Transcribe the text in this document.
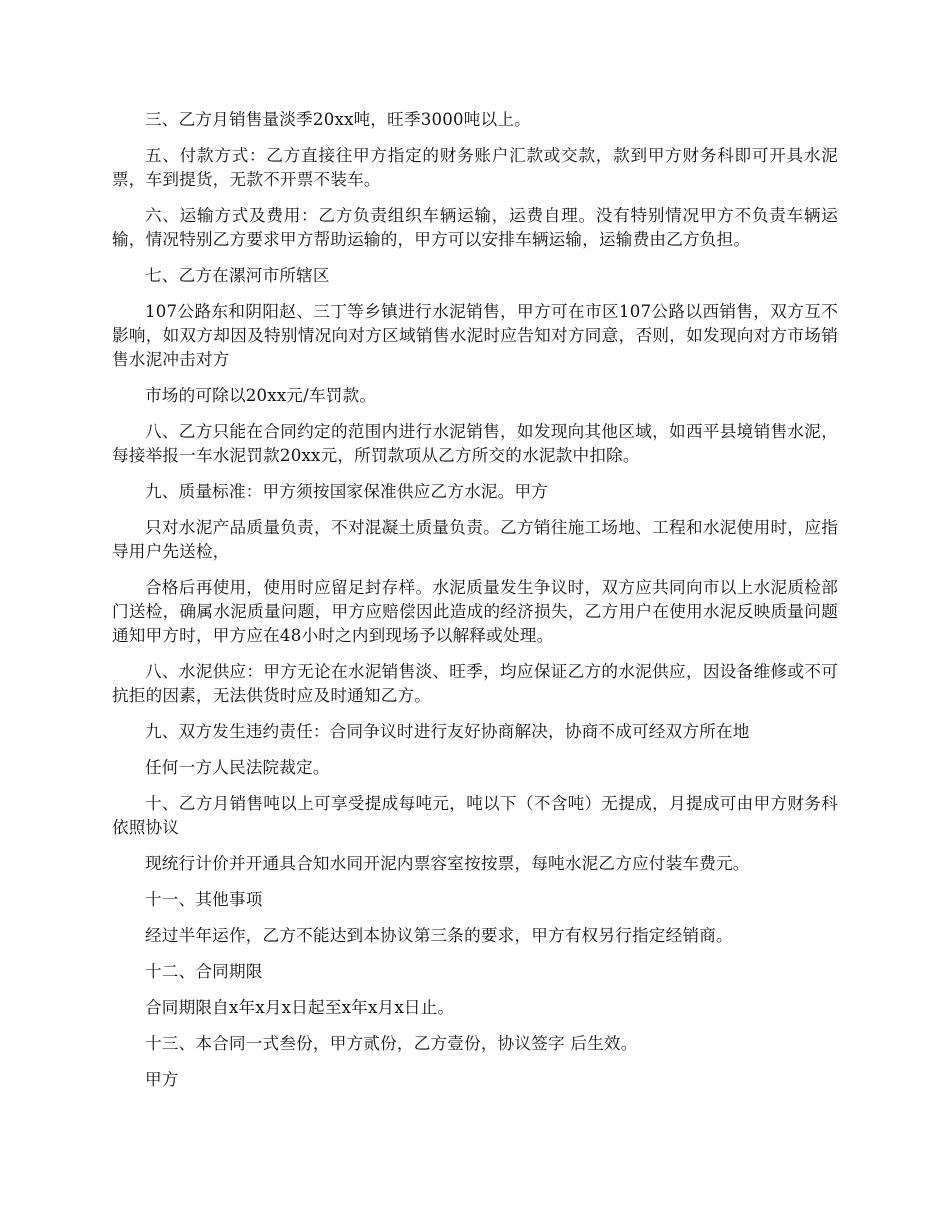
三、乙方月销售量淡季20xx吨，旺季3000吨以上。

五、付款方式：乙方直接往甲方指定的财务账户汇款或交款，款到甲方财务科即可开具水泥票，车到提货，无款不开票不装车。

六、运输方式及费用：乙方负责组织车辆运输，运费自理。没有特别情况甲方不负责车辆运输，情况特别乙方要求甲方帮助运输的，甲方可以安排车辆运输，运输费由乙方负担。

七、乙方在漯河市所辖区

107公路东和阴阳赵、三丁等乡镇进行水泥销售，甲方可在市区107公路以西销售，双方互不影响，如双方却因及特别情况向对方区域销售水泥时应告知对方同意，否则，如发现向对方市场销售水泥冲击对方

市场的可除以20xx元/车罚款。

八、乙方只能在合同约定的范围内进行水泥销售，如发现向其他区域，如西平县境销售水泥，每接举报一车水泥罚款20xx元，所罚款项从乙方所交的水泥款中扣除。

九、质量标准：甲方须按国家保准供应乙方水泥。甲方

只对水泥产品质量负责，不对混凝土质量负责。乙方销往施工场地、工程和水泥使用时，应指导用户先送检，

合格后再使用，使用时应留足封存样。水泥质量发生争议时，双方应共同向市以上水泥质检部门送检，确属水泥质量问题，甲方应赔偿因此造成的经济损失，乙方用户在使用水泥反映质量问题通知甲方时，甲方应在48小时之内到现场予以解释或处理。

八、水泥供应：甲方无论在水泥销售淡、旺季，均应保证乙方的水泥供应，因设备维修或不可抗拒的因素，无法供货时应及时通知乙方。

九、双方发生违约责任：合同争议时进行友好协商解决，协商不成可经双方所在地

任何一方人民法院裁定。

十、乙方月销售吨以上可享受提成每吨元，吨以下（不含吨）无提成，月提成可由甲方财务科依照协议

现统行计价并开通具合知水同开泥内票容室按按票，每吨水泥乙方应付装车费元。

十一、其他事项

经过半年运作，乙方不能达到本协议第三条的要求，甲方有权另行指定经销商。

十二、合同期限

合同期限自x年x月x日起至x年x月x日止。

十三、本合同一式叁份，甲方贰份，乙方壹份，协议签字 后生效。

甲方
